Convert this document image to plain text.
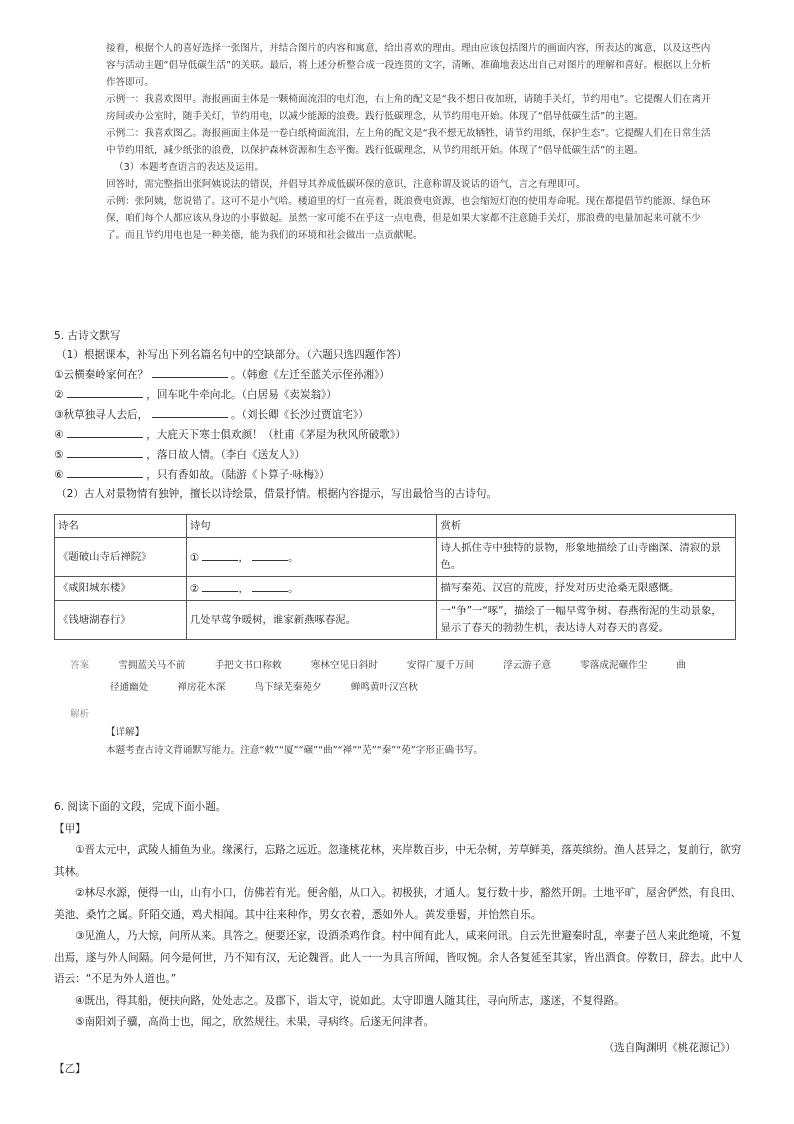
接着，根据个人的喜好选择一张图片，并结合图片的内容和寓意，给出喜欢的理由。理由应该包括图片的画面内容，所表达的寓意，以及这些内容与活动主题“倡导低碳生活”的关联。最后，将上述分析整合成一段连贯的文字，清晰、准确地表达出自己对图片的理解和喜好。根据以上分析作答即可。

示例一：我喜欢图甲。海报画面主体是一颗椅面流泪的电灯泡，右上角的配文是“我不想日夜加班，请随手关灯，节约用电”。它提醒人们在离开房间或办公室时，随手关灯，节约用电，以减少能源的浪费。践行低碳理念，从节约用电开始。体现了“倡导低碳生活”的主题。

示例二：我喜欢图乙。海报画面主体是一卷白纸椅面流泪，左上角的配文是“我不想无故牺牲，请节约用纸，保护生态”。它提醒人们在日常生活中节约用纸，减少纸张的浪费，以保护森林资源和生态平衡。践行低碳理念，从节约用纸开始。体现了“倡导低碳生活”的主题。

（3）本题考查语言的表达及运用。

回答时，需完整指出张阿姨说法的错误，并倡导其养成低碳环保的意识，注意称谓及说话的语气，言之有理即可。

示例：张阿姨，您说错了。这可不是小气哈。楼道里的灯一直亮着，既浪费电资源，也会缩短灯泡的使用寿命呢。现在都提倡节约能源、绿色环保，咱们每个人都应该从身边的小事做起。虽然一家可能不在乎这一点电费，但是如果大家都不注意随手关灯，那浪费的电量加起来可就不少了。而且节约用电也是一种美德，能为我们的环境和社会做出一点贡献呢。

5. 古诗文默写

（1）根据课本，补写出下列名篇名句中的空缺部分。（六题只选四题作答）

①云横秦岭家何在？	。（韩愈《左迁至蓝关示侄孙湘》）

②	，回车叱牛牵向北。（白居易《卖炭翁》）

③秋草独寻人去后，	。（刘长卿《长沙过贾谊宅》）

④	，大庇天下寒士俱欢颜！（杜甫《茅屋为秋风所破歌》）

⑤	，落日故人情。（李白《送友人》）

⑥	，只有香如故。（陆游《卜算子·咏梅》）

（2）古人对景物情有独钟，擅长以诗绘景，借景抒情。根据内容提示，写出最恰当的古诗句。

诗名	诗句	赏析
《题破山寺后禅院》	① ， 。	诗人抓住寺中独特的景物，形象地描绘了山寺幽深、清寂的景色。
《咸阳城东楼》	② ， 。	描写秦苑、汉宫的荒废，抒发对历史沧桑无限感慨。
《钱塘湖春行》	几处早莺争暖树，谁家新燕啄春泥。	一“争”一“啄”，描绘了一幅早莺争树、春燕衔泥的生动景象，显示了春天的勃勃生机，表达诗人对春天的喜爱。
答案	雪拥蓝关马不前	手把文书口称敕	寒林空见日斜时	安得广厦千万间	浮云游子意	零落成泥碾作尘	曲
径通幽处	禅房花木深	鸟下绿芜秦苑夕	蝉鸣黄叶汉宫秋

解析

【详解】

本题考查古诗文背诵默写能力。注意“敕”“厦”“碾”“曲”“禅”“芜”“秦”“苑”字形正确书写。

6. 阅读下面的文段，完成下面小题。

【甲】

①晋太元中，武陵人捕鱼为业。缘溪行，忘路之远近。忽逢桃花林，夹岸数百步，中无杂树，芳草鲜美，落英缤纷。渔人甚异之，复前行，欲穷其林。

②林尽水源，便得一山，山有小口，仿佛若有光。便舍船，从口入。初极狭，才通人。复行数十步，豁然开朗。土地平旷，屋舍俨然，有良田、美池、桑竹之属。阡陌交通，鸡犬相闻。其中往来种作，男女衣着，悉如外人。黄发垂髫，并怡然自乐。

③见渔人，乃大惊，问所从来。具答之。便要还家，设酒杀鸡作食。村中闻有此人，咸来问讯。自云先世避秦时乱，率妻子邑人来此绝境，不复出焉，遂与外人间隔。问今是何世，乃不知有汉，无论魏晋。此人一一为具言所闻，皆叹惋。余人各复延至其家，皆出酒食。停数日，辞去。此中人语云：“不足为外人道也。”

④既出，得其船，便扶向路，处处志之。及郡下，诣太守，说如此。太守即遣人随其往，寻向所志，遂迷，不复得路。

⑤南阳刘子骥，高尚士也，闻之，欣然规往。未果，寻病终。后遂无问津者。

（选自陶渊明《桃花源记》）

【乙】
